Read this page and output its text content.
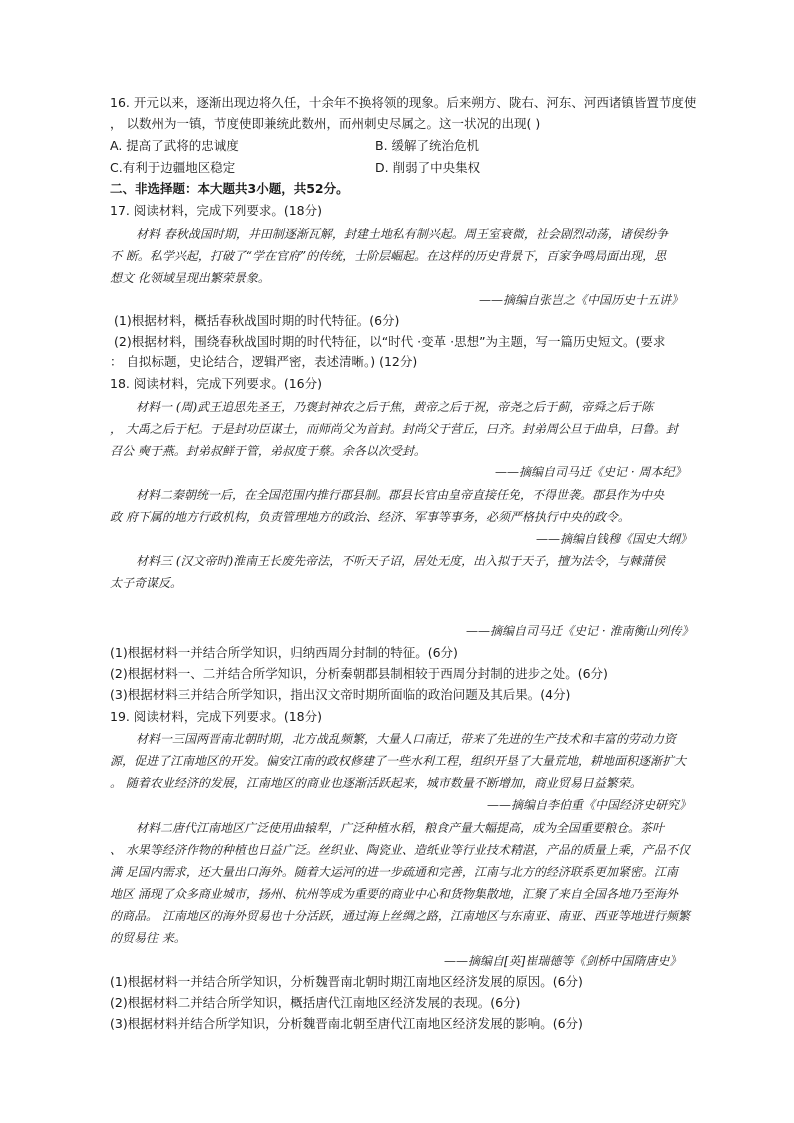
16. 开元以来，逐渐出现边将久任，十余年不换将领的现象。后来朔方、陇右、河东、河西诸镇皆置节度使
， 以数州为一镇，节度使即兼统此数州，而州刺史尽属之。这一状况的出现( )
A. 提高了武将的忠诚度	B. 缓解了统治危机
C.有利于边疆地区稳定	D. 削弱了中央集权
二、非选择题：本大题共3小题，共52分。
17. 阅读材料，完成下列要求。(18分)
材料 春秋战国时期，井田制逐渐瓦解，封建土地私有制兴起。周王室衰微，社会剧烈动荡，诸侯纷争
不 断。私学兴起，打破了“学在官府”的传统，士阶层崛起。在这样的历史背景下，百家争鸣局面出现，思
想文 化领域呈现出繁荣景象。
——摘编自张岂之《中国历史十五讲》
(1)根据材料，概括春秋战国时期的时代特征。(6分)
(2)根据材料，围绕春秋战国时期的时代特征，以“时代 ·变革 ·思想”为主题，写一篇历史短文。(要求
： 自拟标题，史论结合，逻辑严密，表述清晰。) (12分)
18. 阅读材料，完成下列要求。(16分)
材料一 (周)武王追思先圣王，乃褒封神农之后于焦，黄帝之后于祝，帝尧之后于蓟，帝舜之后于陈
， 大禹之后于杞。于是封功臣谋士，而师尚父为首封。封尚父于营丘，曰齐。封弟周公旦于曲阜，曰鲁。封
召公 奭于燕。封弟叔鲜于管，弟叔度于蔡。余各以次受封。
——摘编自司马迁《史记 · 周本纪》
材料二秦朝统一后，在全国范围内推行郡县制。郡县长官由皇帝直接任免，不得世袭。郡县作为中央
政 府下属的地方行政机构，负责管理地方的政治、经济、军事等事务，必须严格执行中央的政令。
——摘编自钱穆《国史大纲》
材料三 (汉文帝时)淮南王长废先帝法，不听天子诏，居处无度，出入拟于天子，擅为法令，与棘蒲侯
太子奇谋反。
——摘编自司马迁《史记 · 淮南衡山列传》
(1)根据材料一并结合所学知识，归纳西周分封制的特征。(6分)
(2)根据材料一、二并结合所学知识，分析秦朝郡县制相较于西周分封制的进步之处。(6分)
(3)根据材料三并结合所学知识，指出汉文帝时期所面临的政治问题及其后果。(4分)
19. 阅读材料，完成下列要求。(18分)
材料一三国两晋南北朝时期，北方战乱频繁，大量人口南迁，带来了先进的生产技术和丰富的劳动力资
源，促进了江南地区的开发。偏安江南的政权修建了一些水利工程，组织开垦了大量荒地，耕地面积逐渐扩大
。 随着农业经济的发展，江南地区的商业也逐渐活跃起来，城市数量不断增加，商业贸易日益繁荣。
——摘编自李伯重《中国经济史研究》
材料二唐代江南地区广泛使用曲辕犁，广泛种植水稻，粮食产量大幅提高，成为全国重要粮仓。茶叶
、 水果等经济作物的种植也日益广泛。丝织业、陶瓷业、造纸业等行业技术精湛，产品的质量上乘，产品不仅
满 足国内需求，还大量出口海外。随着大运河的进一步疏通和完善，江南与北方的经济联系更加紧密。江南
地区 涌现了众多商业城市，扬州、杭州等成为重要的商业中心和货物集散地，汇聚了来自全国各地乃至海外
的商品。 江南地区的海外贸易也十分活跃，通过海上丝绸之路，江南地区与东南亚、南亚、西亚等地进行频繁
的贸易往 来。
——摘编自[英]崔瑞德等《剑桥中国隋唐史》
(1)根据材料一并结合所学知识，分析魏晋南北朝时期江南地区经济发展的原因。(6分)
(2)根据材料二并结合所学知识，概括唐代江南地区经济发展的表现。(6分)
(3)根据材料并结合所学知识，分析魏晋南北朝至唐代江南地区经济发展的影响。(6分)
